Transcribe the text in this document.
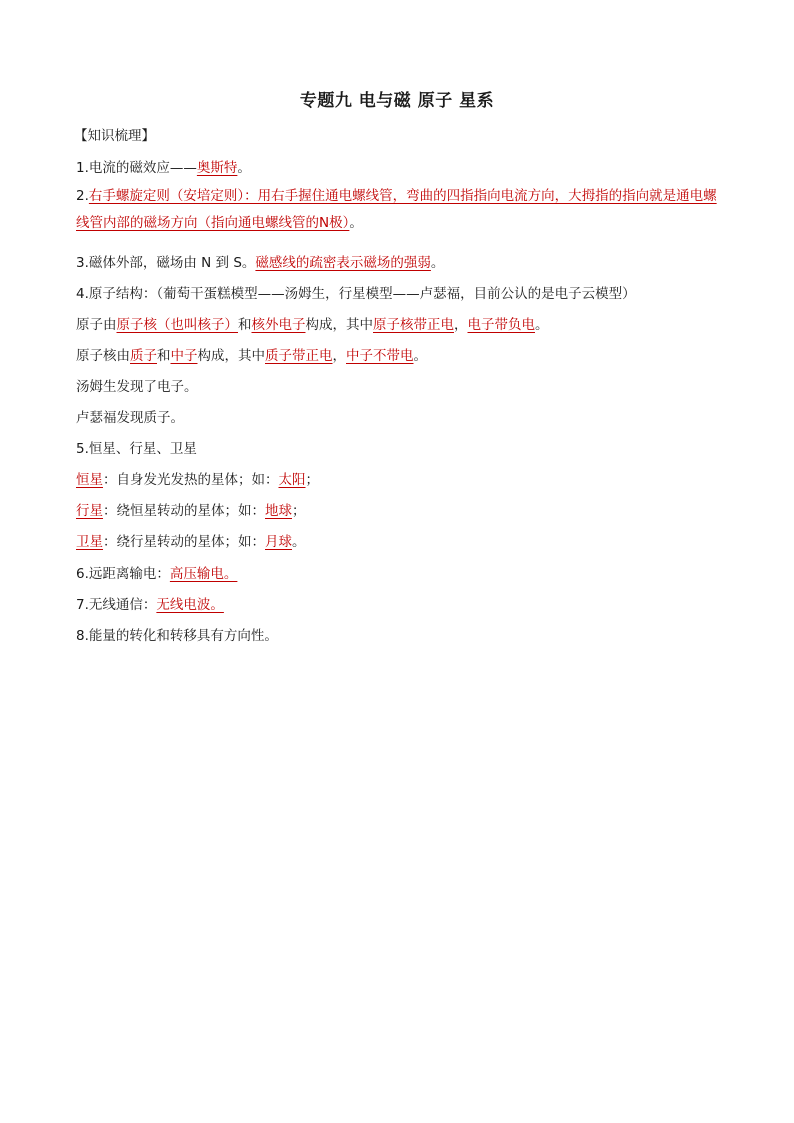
专题九 电与磁 原子 星系
【知识梳理】
1.电流的磁效应——奥斯特。
2.右手螺旋定则（安培定则）：用右手握住通电螺线管，弯曲的四指指向电流方向，大拇指的指向就是通电螺线管内部的磁场方向（指向通电螺线管的N极）。
3.磁体外部，磁场由 N 到 S。磁感线的疏密表示磁场的强弱。
4.原子结构：（葡萄干蛋糕模型——汤姆生，行星模型——卢瑟福，目前公认的是电子云模型）
原子由原子核（也叫核子）和核外电子构成，其中原子核带正电，电子带负电。
原子核由质子和中子构成，其中质子带正电，中子不带电。
汤姆生发现了电子。
卢瑟福发现质子。
5.恒星、行星、卫星
恒星：自身发光发热的星体；如：太阳；
行星：绕恒星转动的星体；如：地球；
卫星：绕行星转动的星体；如：月球。
6.远距离输电：高压输电。
7.无线通信：无线电波。
8.能量的转化和转移具有方向性。
